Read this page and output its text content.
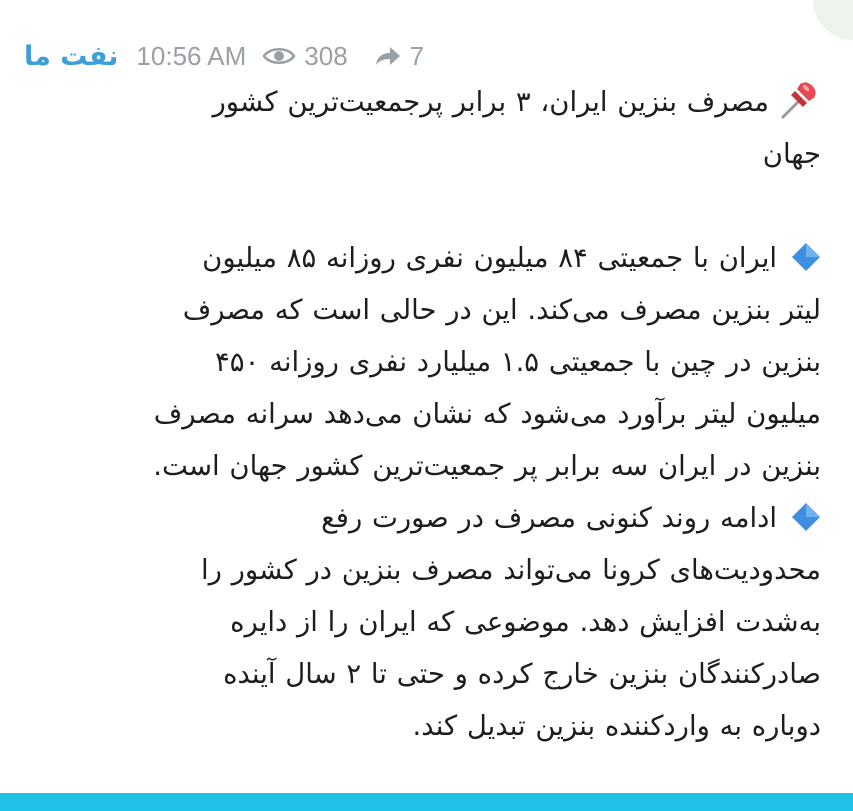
نفت ما 10:56 AM 308 7
مصرف بنزین ایران، ۳ برابر پرجمعیت‌ترین کشور
جهان
ایران با جمعیتی ۸۴ میلیون نفری روزانه ۸۵ میلیون
لیتر بنزین مصرف می‌کند. این در حالی است که مصرف
بنزین در چین با جمعیتی ۱.۵ میلیارد نفری روزانه ۴۵۰
میلیون لیتر برآورد می‌شود که نشان می‌دهد سرانه مصرف
بنزین در ایران سه برابر پر جمعیت‌ترین کشور جهان است.
ادامه روند کنونی مصرف در صورت رفع
محدودیت‌های کرونا می‌تواند مصرف بنزین در کشور را
به‌شدت افزایش دهد. موضوعی که ایران را از دایره
صادرکنندگان بنزین خارج کرده و حتی تا ۲ سال آینده
دوباره به واردکننده بنزین تبدیل کند.
